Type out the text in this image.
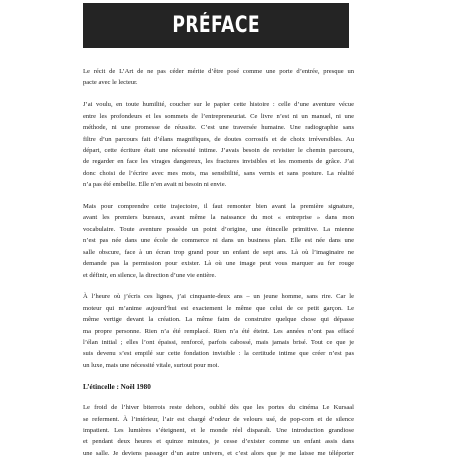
PRÉFACE
Le récit de L’Art de ne pas céder mérite d’être posé comme une porte d’entrée, presque un
pacte avec le lecteur.
J’ai voulu, en toute humilité, coucher sur le papier cette histoire : celle d’une aventure vécue
entre les profondeurs et les sommets de l’entrepreneuriat. Ce livre n’est ni un manuel, ni une
méthode, ni une promesse de réussite. C’est une traversée humaine. Une radiographie sans
filtre d’un parcours fait d’élans magnifiques, de doutes corrosifs et de choix irréversibles. Au
départ, cette écriture était une nécessité intime. J’avais besoin de revisiter le chemin parcouru,
de regarder en face les virages dangereux, les fractures invisibles et les moments de grâce. J’ai
donc choisi de l’écrire avec mes mots, ma sensibilité, sans vernis et sans posture. La réalité
n’a pas été embellie. Elle n’en avait ni besoin ni envie.
Mais pour comprendre cette trajectoire, il faut remonter bien avant la première signature,
avant les premiers bureaux, avant même la naissance du mot « entreprise » dans mon
vocabulaire. Toute aventure possède un point d’origine, une étincelle primitive. La mienne
n’est pas née dans une école de commerce ni dans un business plan. Elle est née dans une
salle obscure, face à un écran trop grand pour un enfant de sept ans. Là où l’imaginaire ne
demande pas la permission pour exister. Là où une image peut vous marquer au fer rouge
et définir, en silence, la direction d’une vie entière.
À l’heure où j’écris ces lignes, j’ai cinquante-deux ans – un jeune homme, sans rire. Car le
moteur qui m’anime aujourd’hui est exactement le même que celui de ce petit garçon. Le
même vertige devant la création. La même faim de construire quelque chose qui dépasse
ma propre personne. Rien n’a été remplacé. Rien n’a été éteint. Les années n’ont pas effacé
l’élan initial ; elles l’ont épaissi, renforcé, parfois cabossé, mais jamais brisé. Tout ce que je
suis devenu s’est empilé sur cette fondation invisible : la certitude intime que créer n’est pas
un luxe, mais une nécessité vitale, surtout pour moi.
L’étincelle : Noël 1980
Le froid de l’hiver biterrois reste dehors, oublié dès que les portes du cinéma Le Kursaal
se referment. À l’intérieur, l’air est chargé d’odeur de velours usé, de pop-corn et de silence
impatient. Les lumières s’éteignent, et le monde réel disparaît. Une introduction grandiose
et pendant deux heures et quinze minutes, je cesse d’exister comme un enfant assis dans
une salle. Je deviens passager d’un autre univers, et c’est alors que je me laisse me téléporter
